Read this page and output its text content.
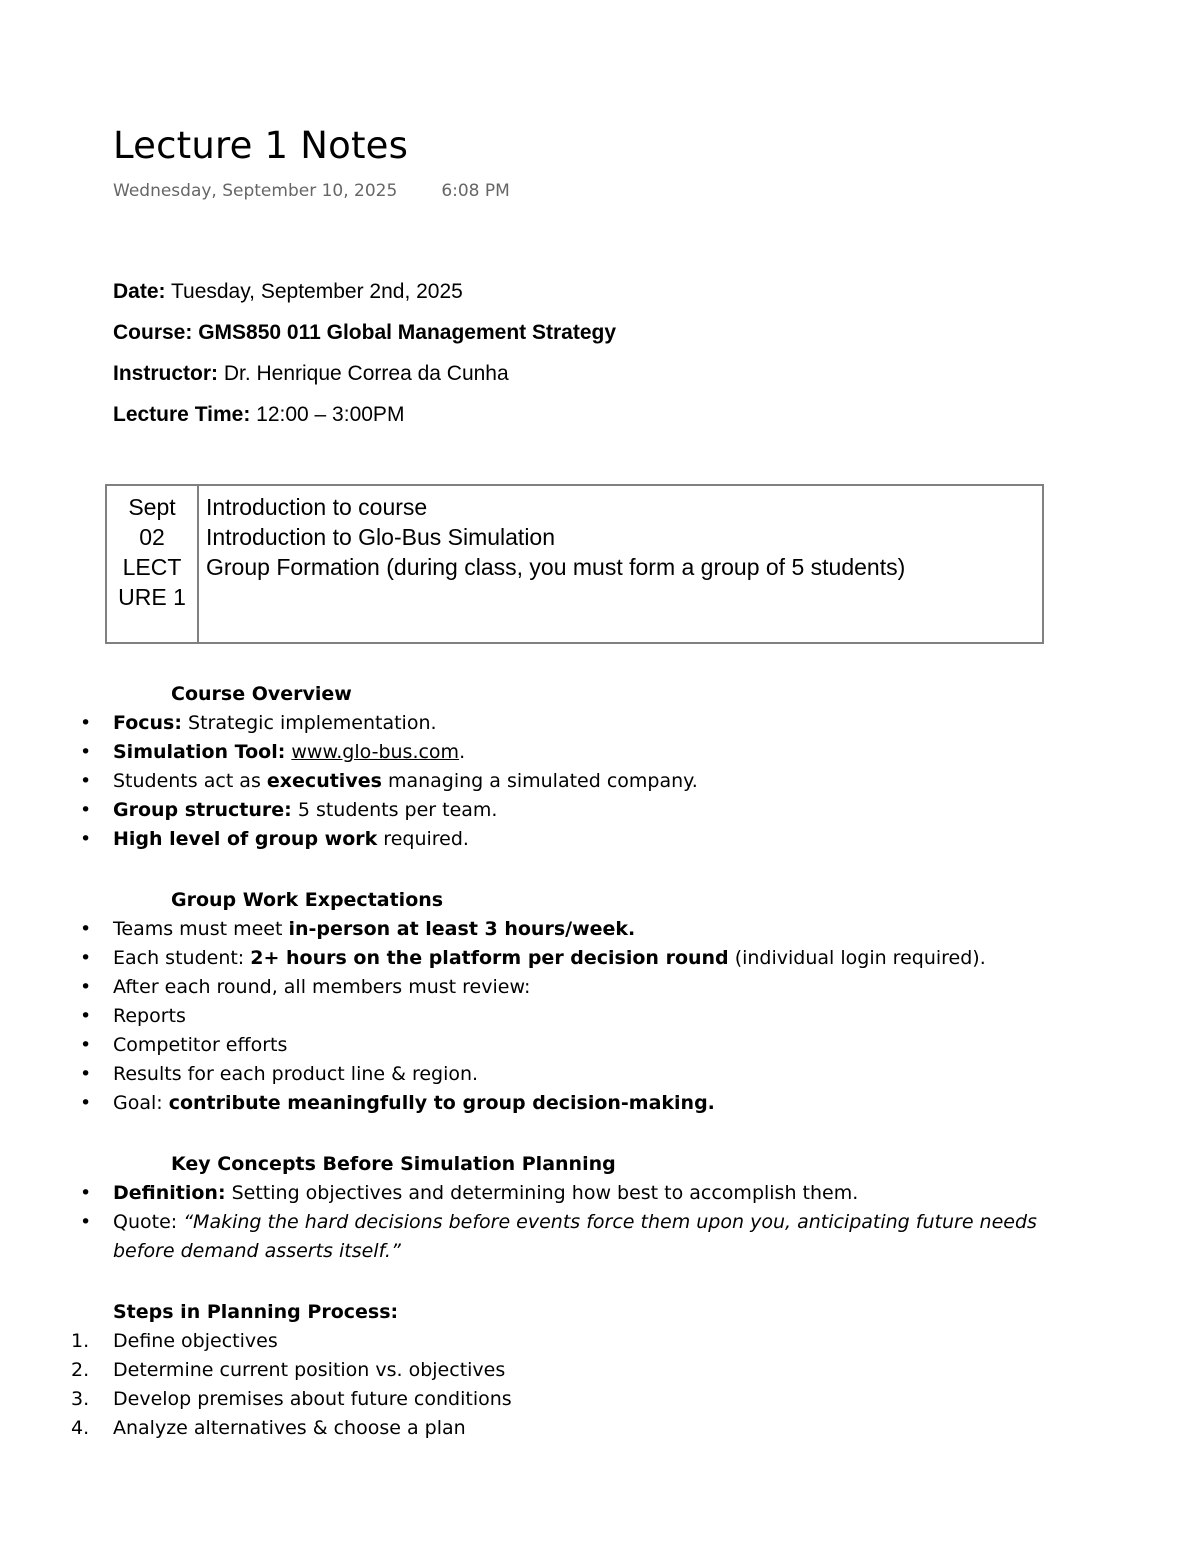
Lecture 1 Notes
Wednesday, September 10, 2025	6:08 PM
Date: Tuesday, September 2nd, 2025
Course: GMS850 011 Global Management Strategy
Instructor: Dr. Henrique Correa da Cunha
Lecture Time: 12:00 – 3:00PM
Sept
02
LECT
URE 1
Introduction to course
Introduction to Glo-Bus Simulation
Group Formation (during class, you must form a group of 5 students)
Course Overview
• Focus: Strategic implementation.
• Simulation Tool: www.glo-bus.com.
• Students act as executives managing a simulated company.
• Group structure: 5 students per team.
• High level of group work required.
Group Work Expectations
• Teams must meet in-person at least 3 hours/week.
• Each student: 2+ hours on the platform per decision round (individual login required).
• After each round, all members must review:
• Reports
• Competitor efforts
• Results for each product line & region.
• Goal: contribute meaningfully to group decision-making.
Key Concepts Before Simulation Planning
• Definition: Setting objectives and determining how best to accomplish them.
• Quote: “Making the hard decisions before events force them upon you, anticipating future needs before demand asserts itself.”
Steps in Planning Process:
1. Define objectives
2. Determine current position vs. objectives
3. Develop premises about future conditions
4. Analyze alternatives & choose a plan
